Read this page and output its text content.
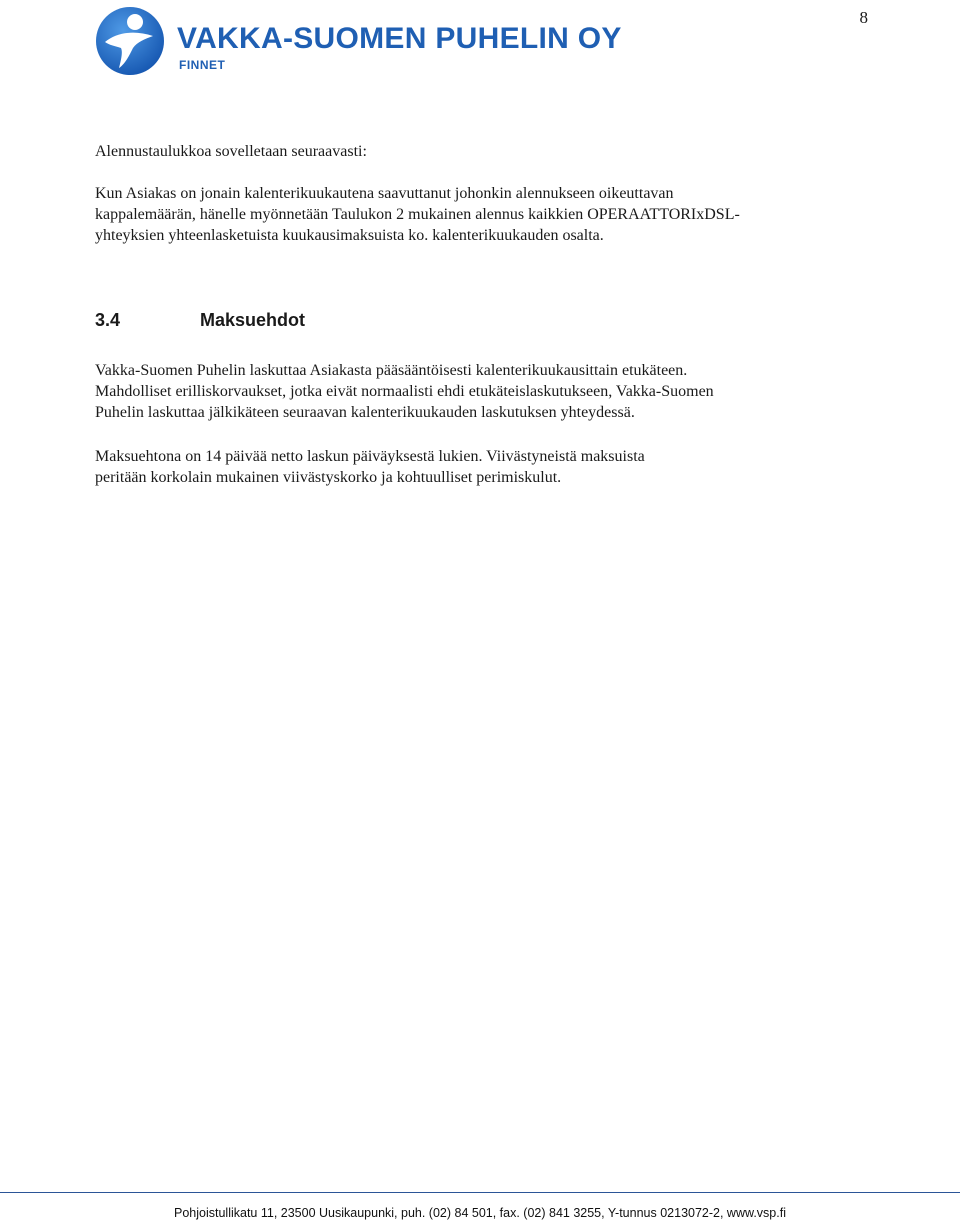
8
VAKKA-SUOMEN PUHELIN OY
FINNET

Alennustaulukkoa sovelletaan seuraavasti:

Kun Asiakas on jonain kalenterikuukautena saavuttanut johonkin alennukseen oikeuttavan
kappalemäärän, hänelle myönnetään Taulukon 2 mukainen alennus kaikkien OPERAATTORIxDSL-
yhteyksien yhteenlasketuista kuukausimaksuista ko. kalenterikuukauden osalta.

3.4	Maksuehdot

Vakka-Suomen Puhelin laskuttaa Asiakasta pääsääntöisesti kalenterikuukausittain etukäteen.
Mahdolliset erilliskorvaukset, jotka eivät normaalisti ehdi etukäteislaskutukseen, Vakka-Suomen
Puhelin laskuttaa jälkikäteen seuraavan kalenterikuukauden laskutuksen yhteydessä.

Maksuehtona on 14 päivää netto laskun päiväyksestä lukien. Viivästyneistä maksuista
peritään korkolain mukainen viivästyskorko ja kohtuulliset perimiskulut.

Pohjoistullikatu 11, 23500 Uusikaupunki, puh. (02) 84 501, fax. (02) 841 3255, Y-tunnus 0213072-2, www.vsp.fi
